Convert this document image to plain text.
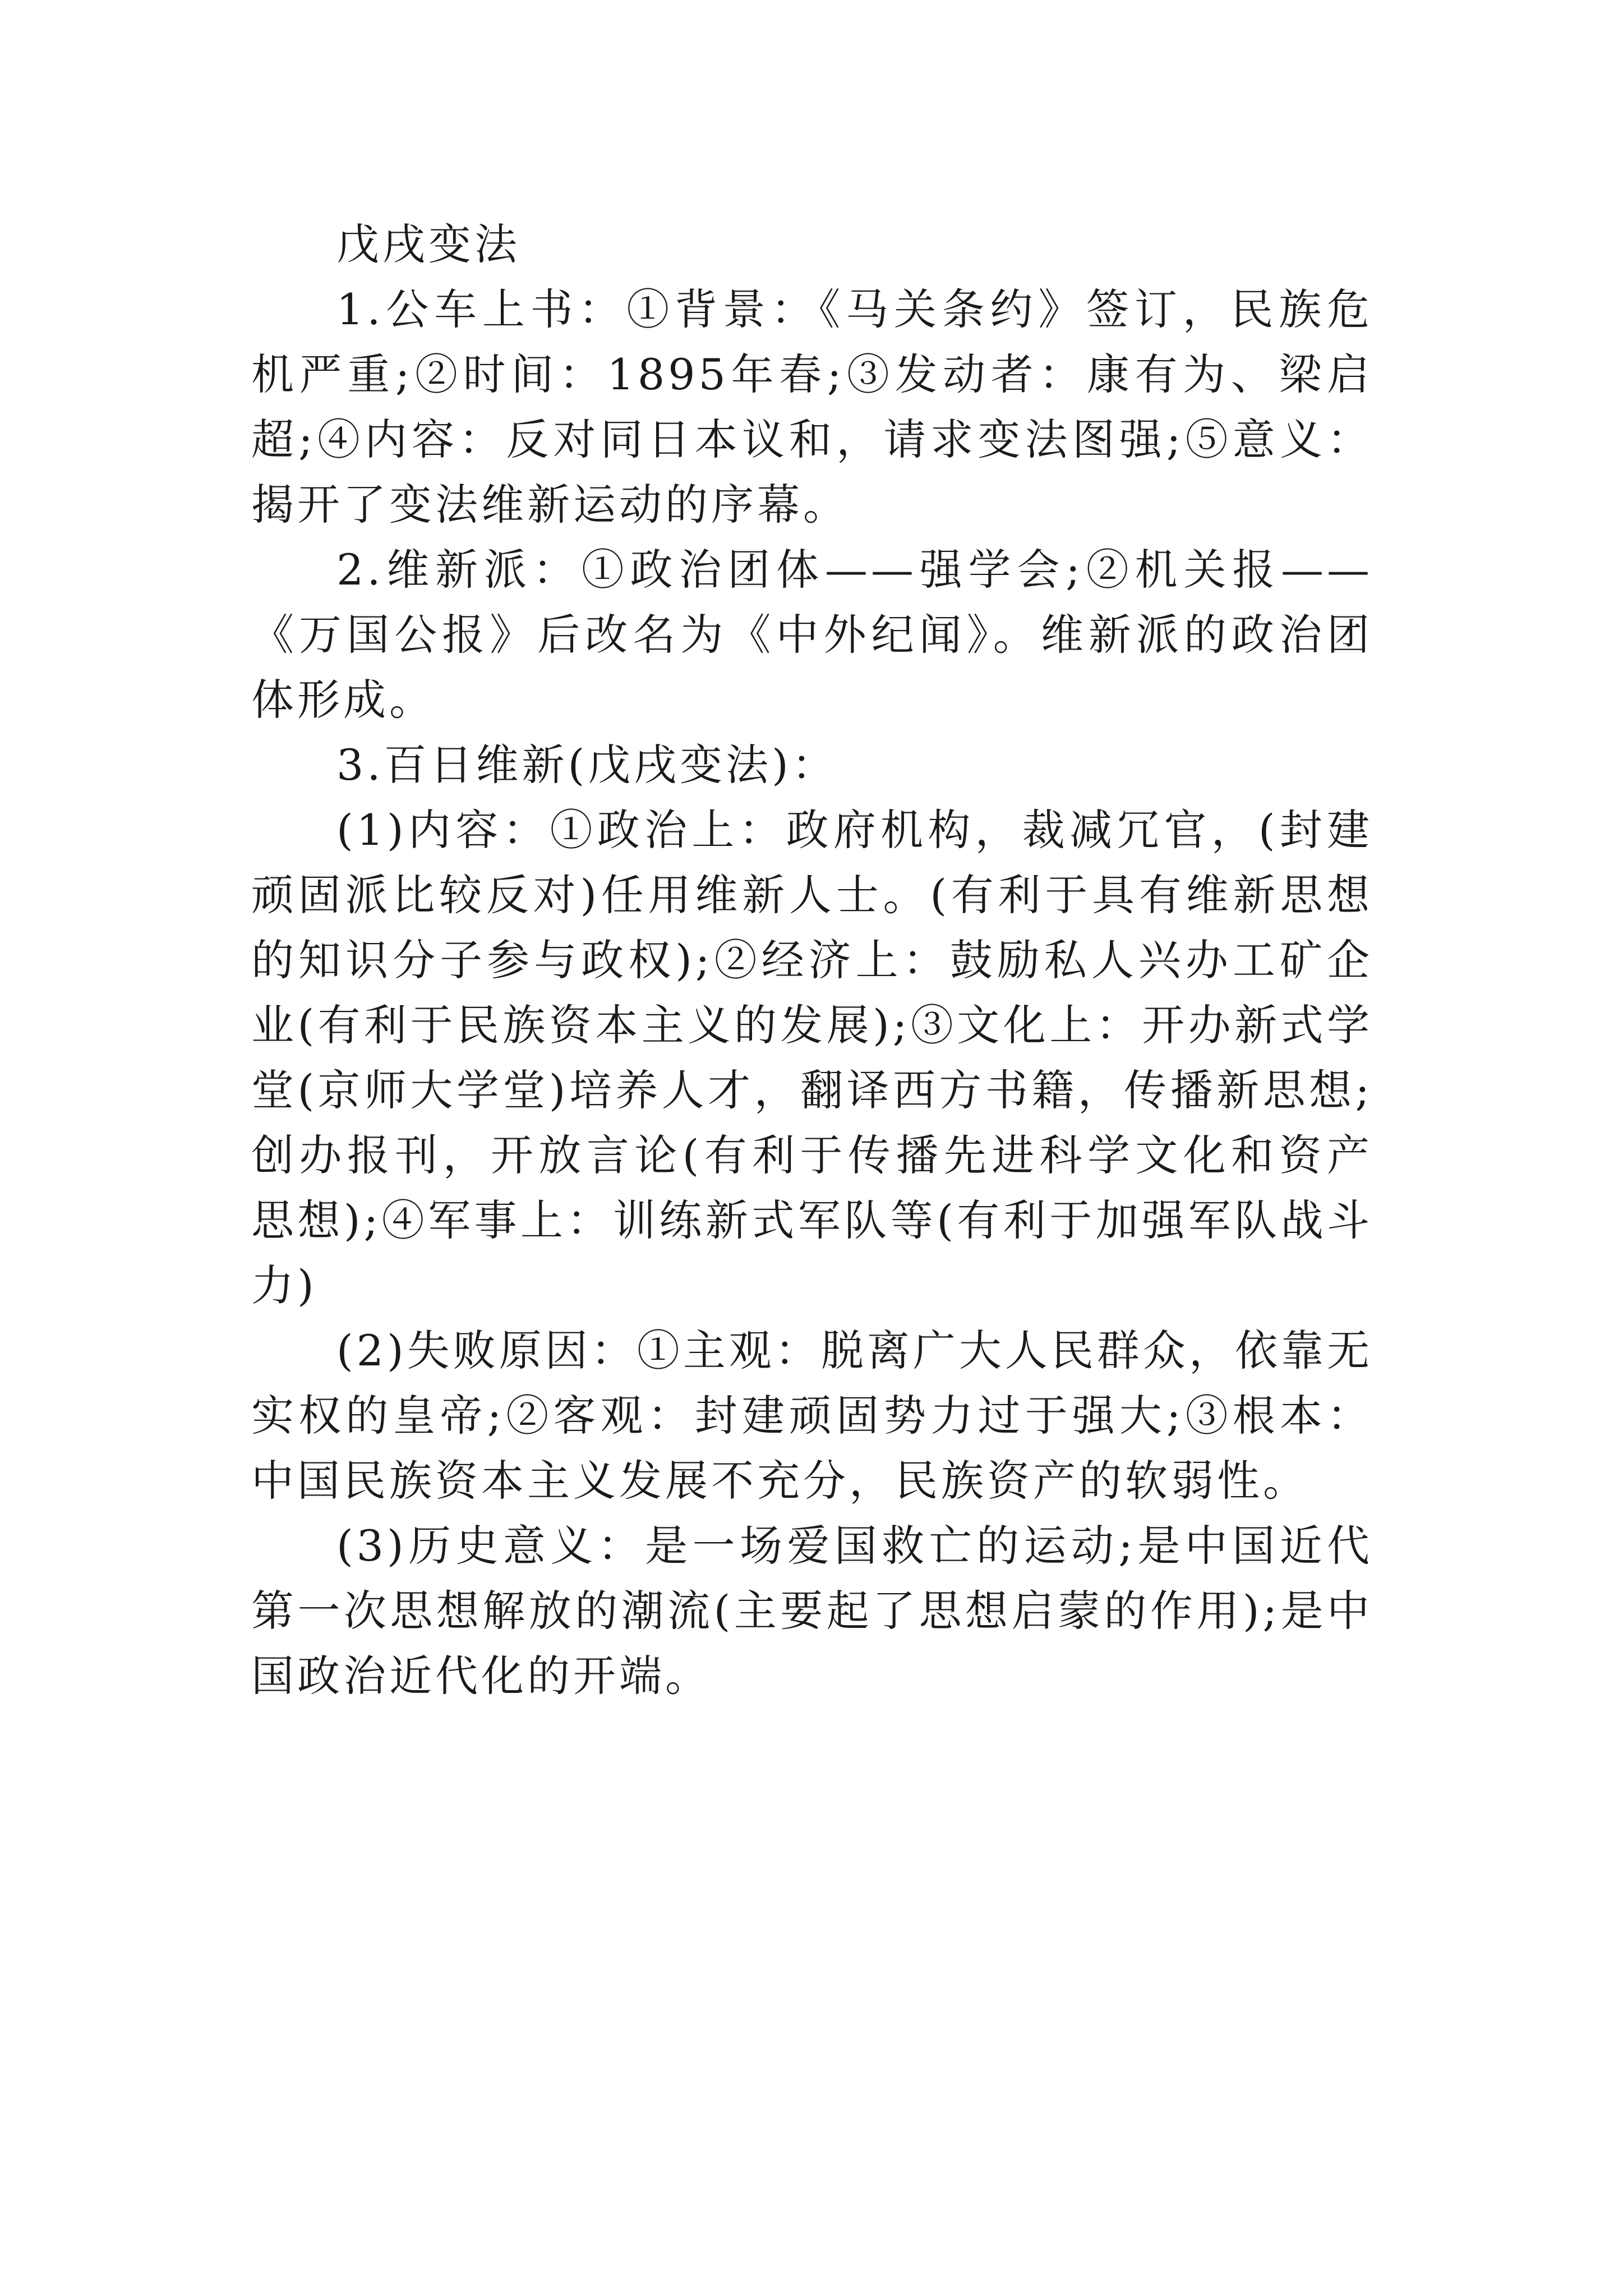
戊戌变法

1.公车上书：①背景：《马关条约》签订，民族危机严重;②时间：1895年春;③发动者：康有为、梁启超;④内容：反对同日本议和，请求变法图强;⑤意义：揭开了变法维新运动的序幕。

2.维新派：①政治团体——强学会;②机关报——《万国公报》后改名为《中外纪闻》。维新派的政治团体形成。

3.百日维新(戊戌变法)：

(1)内容：①政治上：政府机构，裁减冗官，(封建顽固派比较反对)任用维新人士。(有利于具有维新思想的知识分子参与政权);②经济上：鼓励私人兴办工矿企业(有利于民族资本主义的发展);③文化上：开办新式学堂(京师大学堂)培养人才，翻译西方书籍，传播新思想;创办报刊，开放言论(有利于传播先进科学文化和资产思想);④军事上：训练新式军队等(有利于加强军队战斗力)

(2)失败原因：①主观：脱离广大人民群众，依靠无实权的皇帝;②客观：封建顽固势力过于强大;③根本：中国民族资本主义发展不充分，民族资产的软弱性。

(3)历史意义：是一场爱国救亡的运动;是中国近代第一次思想解放的潮流(主要起了思想启蒙的作用);是中国政治近代化的开端。
